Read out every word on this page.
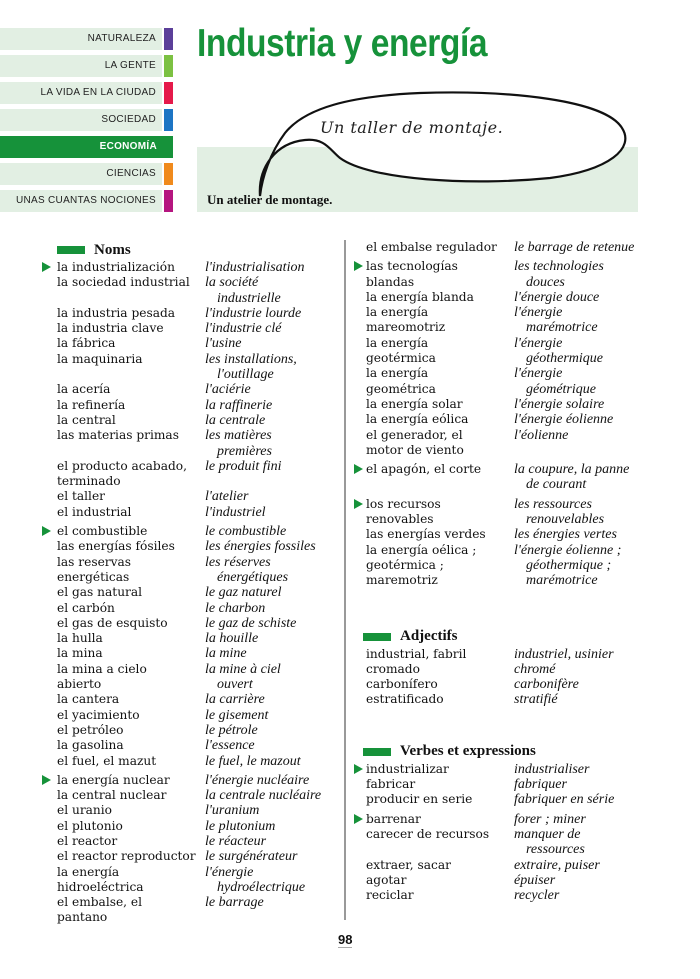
NATURALEZA
LA GENTE
LA VIDA EN LA CIUDAD
SOCIEDAD
ECONOMÍA
CIENCIAS
UNAS CUANTAS NOCIONES
Industria y energía
Un taller de montaje.
Un atelier de montage.
Noms
la industrialización	l'industrialisation
la sociedad industrial	la société
industrielle
la industria pesada	l'industrie lourde
la industria clave	l'industrie clé
la fábrica	l'usine
la maquinaria	les installations,
l'outillage
la acería	l'aciérie
la refinería	la raffinerie
la central	la centrale
las materias primas	les matières
premières
el producto acabado,	le produit fini
terminado
el taller	l'atelier
el industrial	l'industriel
el combustible	le combustible
las energías fósiles	les énergies fossiles
las reservas	les réserves
energéticas	énergétiques
el gas natural	le gaz naturel
el carbón	le charbon
el gas de esquisto	le gaz de schiste
la hulla	la houille
la mina	la mine
la mina a cielo	la mine à ciel
abierto	ouvert
la cantera	la carrière
el yacimiento	le gisement
el petróleo	le pétrole
la gasolina	l'essence
el fuel, el mazut	le fuel, le mazout
la energía nuclear	l'énergie nucléaire
la central nuclear	la centrale nucléaire
el uranio	l'uranium
el plutonio	le plutonium
el reactor	le réacteur
el reactor reproductor le surgénérateur
la energía	l'énergie
hidroeléctrica	hydroélectrique
el embalse, el	le barrage
pantano
el embalse regulador	le barrage de retenue
las tecnologías	les technologies
blandas	douces
la energía blanda	l'énergie douce
la energía	l'énergie
mareomotriz	marémotrice
la energía	l'énergie
geotérmica	géothermique
la energía	l'énergie
geométrica	géométrique
la energía solar	l'énergie solaire
la energía eólica	l'énergie éolienne
el generador, el	l'éolienne
motor de viento
el apagón, el corte	la coupure, la panne
de courant
los recursos	les ressources
renovables	renouvelables
las energías verdes	les énergies vertes
la energía oélica ;	l'énergie éolienne ;
geotérmica ;	géothermique ;
maremotriz	marémotrice
Adjectifs
industrial, fabril	industriel, usinier
cromado	chromé
carbonífero	carbonifère
estratificado	stratifié
Verbes et expressions
industrializar	industrialiser
fabricar	fabriquer
producir en serie	fabriquer en série
barrenar	forer ; miner
carecer de recursos	manquer de
ressources
extraer, sacar	extraire, puiser
agotar	épuiser
reciclar	recycler
98
